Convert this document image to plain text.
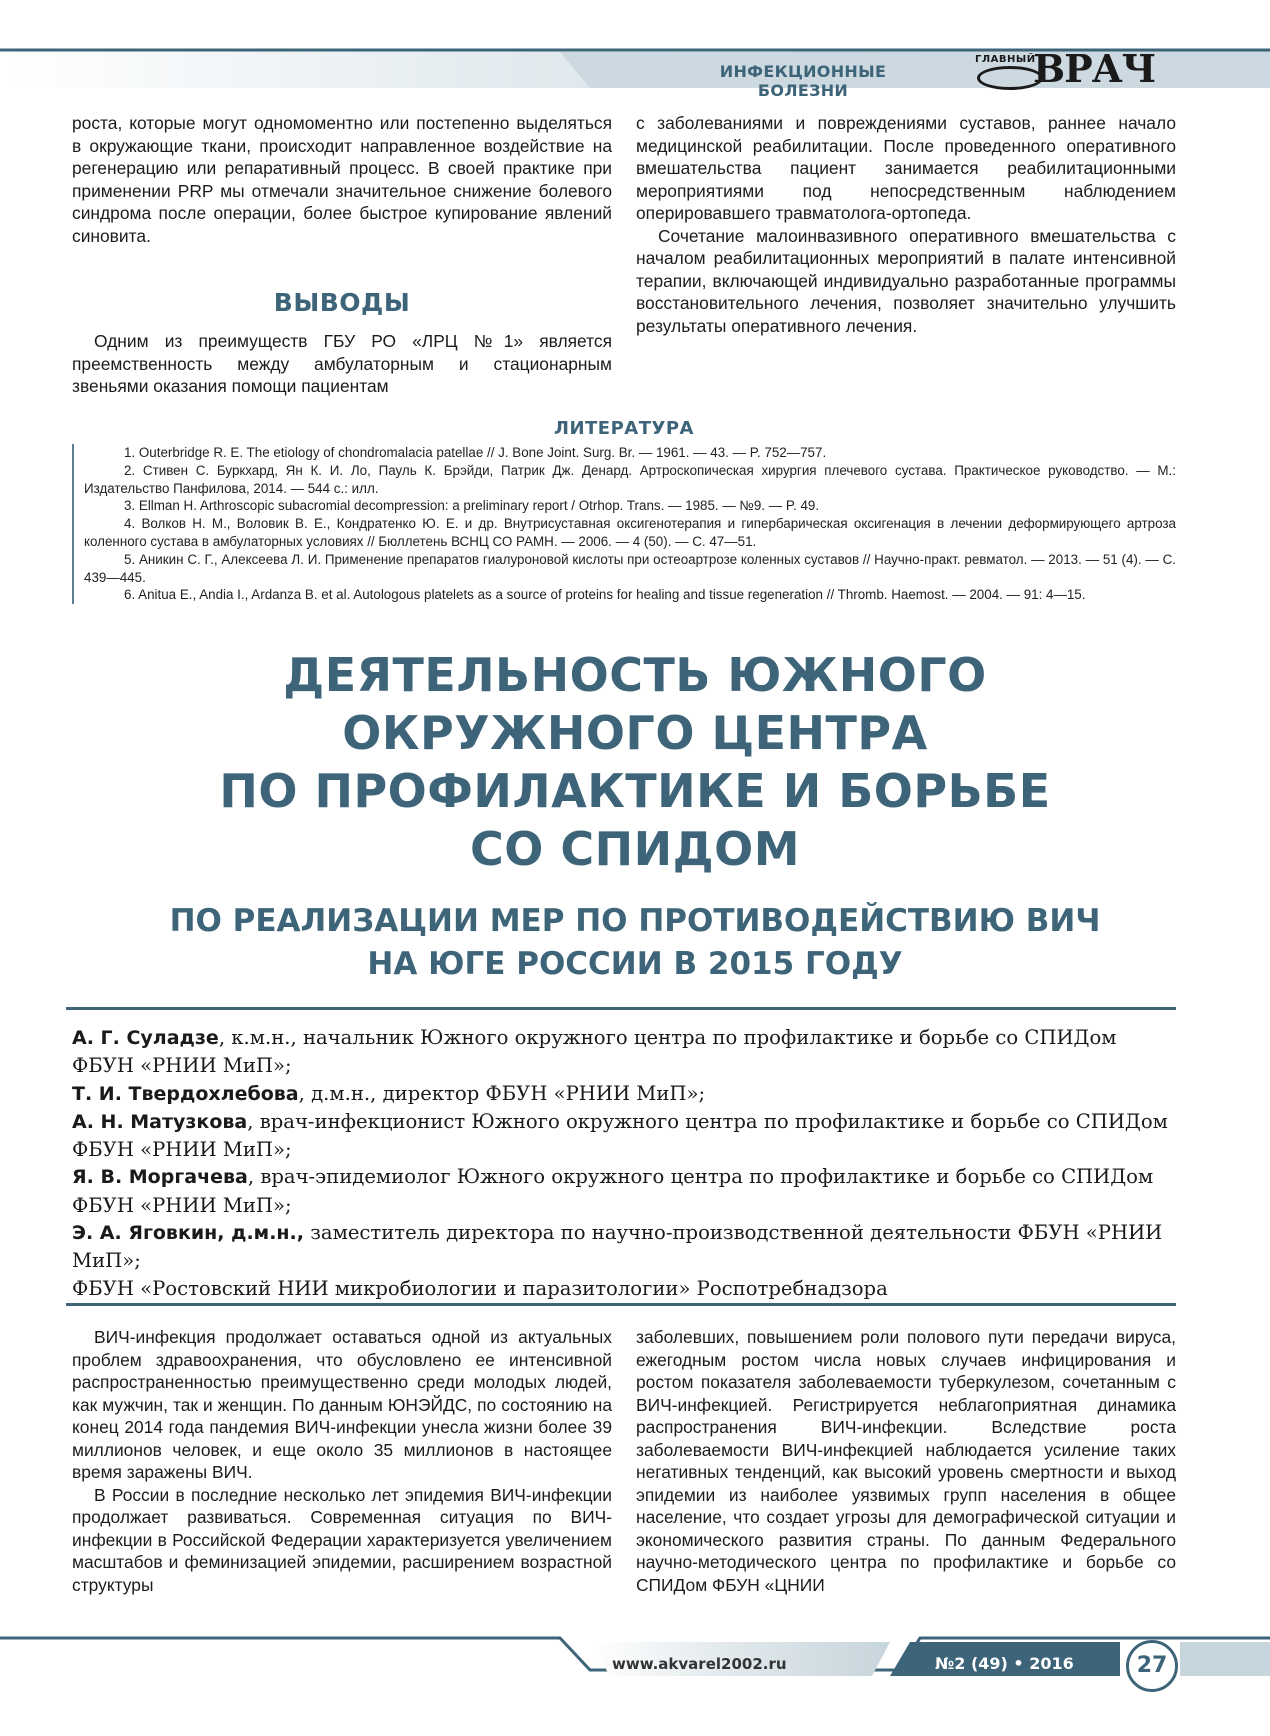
ИНФЕКЦИОННЫЕ БОЛЕЗНИ
ГЛАВНЫЙ
ВРАЧ

роста, которые могут одномоментно или постепенно выделяться в окружающие ткани, происходит направленное воздействие на регенерацию или репаративный процесс. В своей практике при применении PRP мы отмечали значительное снижение болевого синдрома после операции, более быстрое купирование явлений синовита.

ВЫВОДЫ

Одним из преимуществ ГБУ РО «ЛРЦ №1» является преемственность между амбулаторным и стационарным звеньями оказания помощи пациентам

с заболеваниями и повреждениями суставов, раннее начало медицинской реабилитации. После проведенного оперативного вмешательства пациент занимается реабилитационными мероприятиями под непосредственным наблюдением оперировавшего травматолога-ортопеда.

Сочетание малоинвазивного оперативного вмешательства с началом реабилитационных мероприятий в палате интенсивной терапии, включающей индивидуально разработанные программы восстановительного лечения, позволяет значительно улучшить результаты оперативного лечения.

ЛИТЕРАТУРА

1. Outerbridge R. E. The etiology of chondromalacia patellae // J. Bone Joint. Surg. Br. — 1961. — 43. — P. 752—757.

2. Стивен С. Буркхард, Ян К. И. Ло, Пауль К. Брэйди, Патрик Дж. Денард. Артроскопическая хирургия плечевого сустава. Практическое руководство. — М.: Издательство Панфилова, 2014. — 544 с.: илл.

3. Ellman H. Arthroscopic subacromial decompression: a preliminary report / Otrhop. Trans. — 1985. — №9. — P. 49.

4. Волков Н. М., Воловик В. Е., Кондратенко Ю. Е. и др. Внутрисуставная оксигенотерапия и гипербарическая оксигенация в лечении деформирующего артроза коленного сустава в амбулаторных условиях // Бюллетень ВСНЦ СО РАМН. — 2006. — 4 (50). — С. 47—51.

5. Аникин С. Г., Алексеева Л. И. Применение препаратов гиалуроновой кислоты при остеоартрозе коленных суставов // Научно-практ. ревматол. — 2013. — 51 (4). — С. 439—445.

6. Anitua E., Andia I., Ardanza B. et al. Autologous platelets as a source of proteins for healing and tissue regeneration // Thromb. Haemost. — 2004. — 91: 4—15.

ДЕЯТЕЛЬНОСТЬ ЮЖНОГО
ОКРУЖНОГО ЦЕНТРА
ПО ПРОФИЛАКТИКЕ И БОРЬБЕ
СО СПИДОМ
ПО РЕАЛИЗАЦИИ МЕР ПО ПРОТИВОДЕЙСТВИЮ ВИЧ
НА ЮГЕ РОССИИ В 2015 ГОДУ

А. Г. Суладзе, к.м.н., начальник Южного окружного центра по профилактике и борьбе со СПИДом ФБУН «РНИИ МиП»;

Т. И. Твердохлебова, д.м.н., директор ФБУН «РНИИ МиП»;

А. Н. Матузкова, врач-инфекционист Южного окружного центра по профилактике и борьбе со СПИДом ФБУН «РНИИ МиП»;

Я. В. Моргачева, врач-эпидемиолог Южного окружного центра по профилактике и борьбе со СПИДом ФБУН «РНИИ МиП»;

Э. А. Яговкин, д.м.н., заместитель директора по научно-производственной деятельности ФБУН «РНИИ МиП»;

ФБУН «Ростовский НИИ микробиологии и паразитологии» Роспотребнадзора

ВИЧ-инфекция продолжает оставаться одной из актуальных проблем здравоохранения, что обусловлено ее интенсивной распространенностью преимущественно среди молодых людей, как мужчин, так и женщин. По данным ЮНЭЙДС, по состоянию на конец 2014 года пандемия ВИЧ-инфекции унесла жизни более 39 миллионов человек, и еще около 35 миллионов в настоящее время заражены ВИЧ.

В России в последние несколько лет эпидемия ВИЧ-инфекции продолжает развиваться. Современная ситуация по ВИЧ-инфекции в Российской Федерации характеризуется увеличением масштабов и феминизацией эпидемии, расширением возрастной структуры

заболевших, повышением роли полового пути передачи вируса, ежегодным ростом числа новых случаев инфицирования и ростом показателя заболеваемости туберкулезом, сочетанным с ВИЧ-инфекцией. Регистрируется неблагоприятная динамика распространения ВИЧ-инфекции. Вследствие роста заболеваемости ВИЧ-инфекцией наблюдается усиление таких негативных тенденций, как высокий уровень смертности и выход эпидемии из наиболее уязвимых групп населения в общее население, что создает угрозы для демографической ситуации и экономического развития страны. По данным Федерального научно-методического центра по профилактике и борьбе со СПИДом ФБУН «ЦНИИ

www.akvarel2002.ru	№2 (49) • 2016	27
